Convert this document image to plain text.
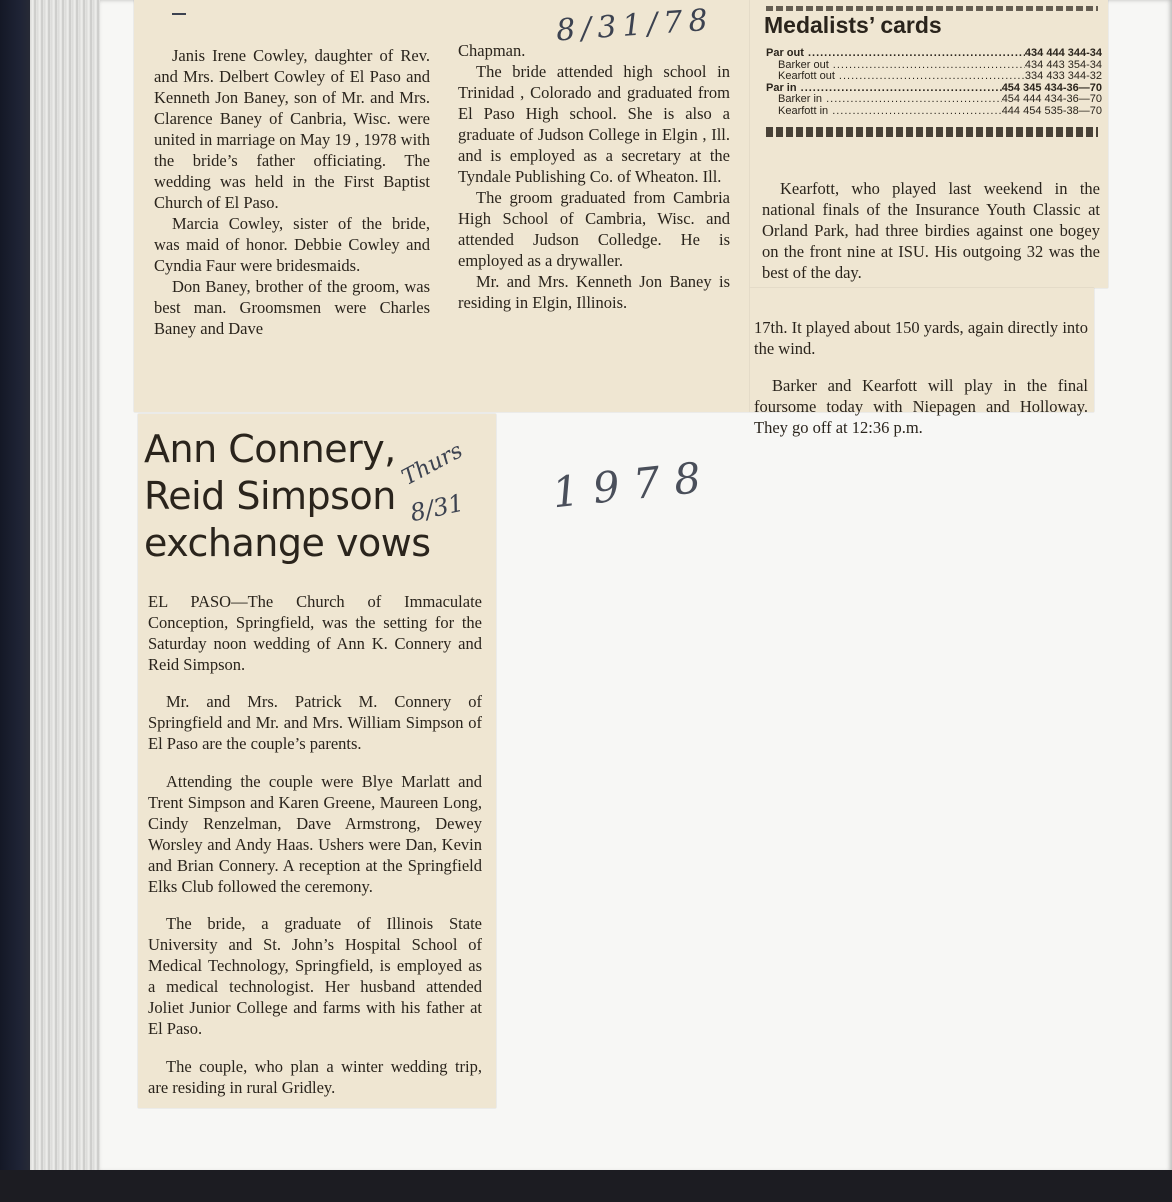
Janis Irene Cowley, daughter of Rev. and Mrs. Delbert Cowley of El Paso and Kenneth Jon Baney, son of Mr. and Mrs. Clarence Baney of Canbria, Wisc. were united in marriage on May 19 , 1978 with the bride’s father officiating. The wedding was held in the First Baptist Church of El Paso.

Marcia Cowley, sister of the bride, was maid of honor. Debbie Cowley and Cyndia Faur were bridesmaids.

Don Baney, brother of the groom, was best man. Groomsmen were Charles Baney and Dave

Chapman.

The bride attended high school in Trinidad , Colorado and graduated from El Paso High school. She is also a graduate of Judson College in Elgin , Ill. and is employed as a secretary at the Tyndale Publishing Co. of Wheaton. Ill.

The groom graduated from Cambria High School of Cambria, Wisc. and attended Judson Colledge. He is employed as a drywaller.

Mr. and Mrs. Kenneth Jon Baney is residing in Elgin, Illinois.

Medalists’ cards
Par out .....	434 444 344-34
Barker out .....	434 443 354-34
Kearfott out .....	334 433 344-32
Par in .....	454 345 434-36—70
Barker in .....	454 444 434-36—70
Kearfott in .....	444 454 535-38—70

Kearfott, who played last weekend in the national finals of the Insurance Youth Classic at Orland Park, had three birdies against one bogey on the front nine at ISU. His outgoing 32 was the best of the day.

17th. It played about 150 yards, again directly into the wind.

Barker and Kearfott will play in the final foursome today with Niepagen and Holloway. They go off at 12:36 p.m.

Ann Connery,
Reid Simpson
exchange vows

EL PASO—The Church of Immaculate Conception, Springfield, was the setting for the Saturday noon wedding of Ann K. Connery and Reid Simpson.

Mr. and Mrs. Patrick M. Connery of Springfield and Mr. and Mrs. William Simpson of El Paso are the couple’s parents.

Attending the couple were Blye Marlatt and Trent Simpson and Karen Greene, Maureen Long, Cindy Renzelman, Dave Armstrong, Dewey Worsley and Andy Haas. Ushers were Dan, Kevin and Brian Connery. A reception at the Springfield Elks Club followed the ceremony.

The bride, a graduate of Illinois State University and St. John’s Hospital School of Medical Technology, Springfield, is employed as a medical technologist. Her husband attended Joliet Junior College and farms with his father at El Paso.

The couple, who plan a winter wedding trip, are residing in rural Gridley.

8/31/78
Thurs
8/31 1978
